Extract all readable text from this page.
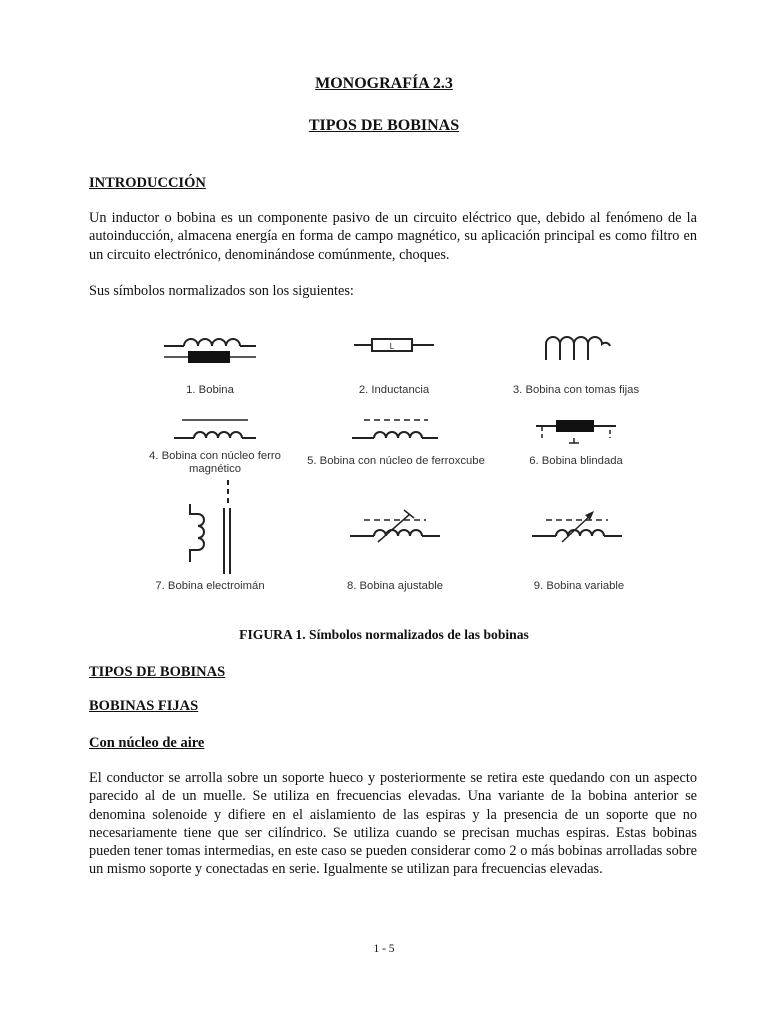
MONOGRAFÍA 2.3
TIPOS DE BOBINAS
INTRODUCCIÓN

Un inductor o bobina es un componente pasivo de un circuito eléctrico que, debido al fenómeno de la autoinducción, almacena energía en forma de campo magnético, su aplicación principal es como filtro en un circuito electrónico, denominándose comúnmente, choques.

Sus símbolos normalizados son los siguientes:

1. Bobina
L
2. Inductancia	3. Bobina con tomas fijas
4. Bobina con núcleo ferro
magnético
5. Bobina con núcleo de ferroxcube	6. Bobina blindada
7. Bobina electroimán	8. Bobina ajustable	9. Bobina variable
FIGURA 1. Símbolos normalizados de las bobinas
TIPOS DE BOBINAS
BOBINAS FIJAS
Con núcleo de aire

El conductor se arrolla sobre un soporte hueco y posteriormente se retira este quedando con un aspecto parecido al de un muelle. Se utiliza en frecuencias elevadas. Una variante de la bobina anterior se denomina solenoide y difiere en el aislamiento de las espiras y la presencia de un soporte que no necesariamente tiene que ser cilíndrico. Se utiliza cuando se precisan muchas espiras. Estas bobinas pueden tener tomas intermedias, en este caso se pueden considerar como 2 o más bobinas arrolladas sobre un mismo soporte y conectadas en serie. Igualmente se utilizan para frecuencias elevadas.

1 - 5
